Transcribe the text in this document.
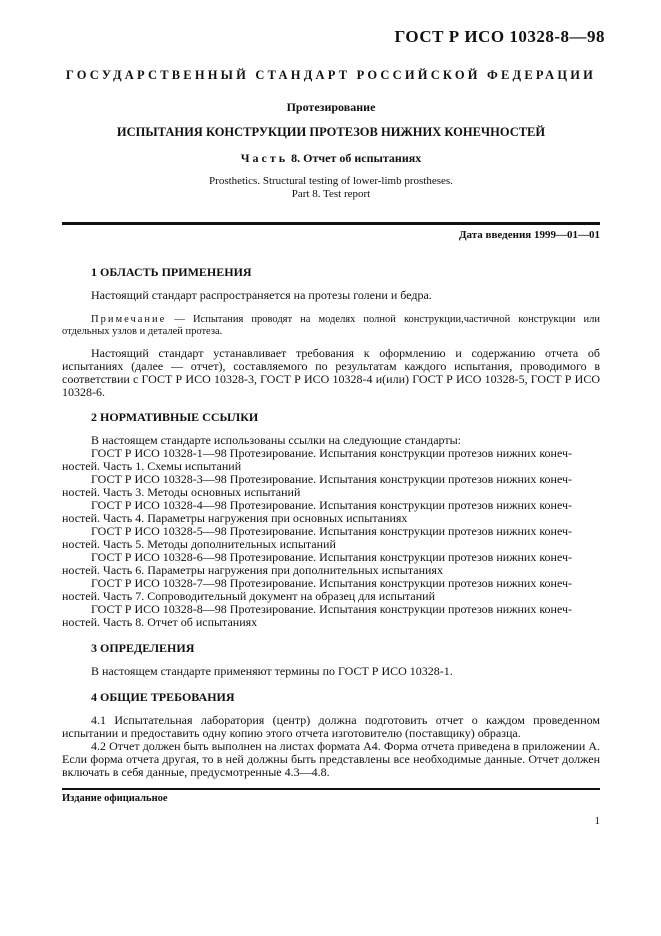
ГОСТ Р ИСО 10328-8—98
ГОСУДАРСТВЕННЫЙ СТАНДАРТ РОССИЙСКОЙ ФЕДЕРАЦИИ
Протезирование
ИСПЫТАНИЯ КОНСТРУКЦИИ ПРОТЕЗОВ НИЖНИХ КОНЕЧНОСТЕЙ
Часть 8. Отчет об испытаниях
Prosthetics. Structural testing of lower-limb prostheses.
Part 8. Test report
Дата введения 1999—01—01
1 ОБЛАСТЬ ПРИМЕНЕНИЯ
Настоящий стандарт распространяется на протезы голени и бедра.
Примечание — Испытания проводят на моделях полной конструкции,частичной конструкции или отдельных узлов и деталей протеза.
Настоящий стандарт устанавливает требования к оформлению и содержанию отчета об испытаниях (далее — отчет), составляемого по результатам каждого испытания, проводимого в соответствии с ГОСТ Р ИСО 10328-3, ГОСТ Р ИСО 10328-4 и(или) ГОСТ Р ИСО 10328-5, ГОСТ Р ИСО 10328-6.
2 НОРМАТИВНЫЕ ССЫЛКИ
В настоящем стандарте использованы ссылки на следующие стандарты:
ГОСТ Р ИСО 10328-1—98 Протезирование. Испытания конструкции протезов нижних конеч-
ностей. Часть 1. Схемы испытаний
ГОСТ Р ИСО 10328-3—98 Протезирование. Испытания конструкции протезов нижних конеч-
ностей. Часть 3. Методы основных испытаний
ГОСТ Р ИСО 10328-4—98 Протезирование. Испытания конструкции протезов нижних конеч-
ностей. Часть 4. Параметры нагружения при основных испытаниях
ГОСТ Р ИСО 10328-5—98 Протезирование. Испытания конструкции протезов нижних конеч-
ностей. Часть 5. Методы дополнительных испытаний
ГОСТ Р ИСО 10328-6—98 Протезирование. Испытания конструкции протезов нижних конеч-
ностей. Часть 6. Параметры нагружения при дополнительных испытаниях
ГОСТ Р ИСО 10328-7—98 Протезирование. Испытания конструкции протезов нижних конеч-
ностей. Часть 7. Сопроводительный документ на образец для испытаний
ГОСТ Р ИСО 10328-8—98 Протезирование. Испытания конструкции протезов нижних конеч-
ностей. Часть 8. Отчет об испытаниях
3 ОПРЕДЕЛЕНИЯ
В настоящем стандарте применяют термины по ГОСТ Р ИСО 10328-1.
4 ОБЩИЕ ТРЕБОВАНИЯ
4.1 Испытательная лаборатория (центр) должна подготовить отчет о каждом проведенном испытании и предоставить одну копию этого отчета изготовителю (поставщику) образца.
4.2 Отчет должен быть выполнен на листах формата А4. Форма отчета приведена в приложении А. Если форма отчета другая, то в ней должны быть представлены все необходимые данные. Отчет должен включать в себя данные, предусмотренные 4.3—4.8.
Издание официальное
1
